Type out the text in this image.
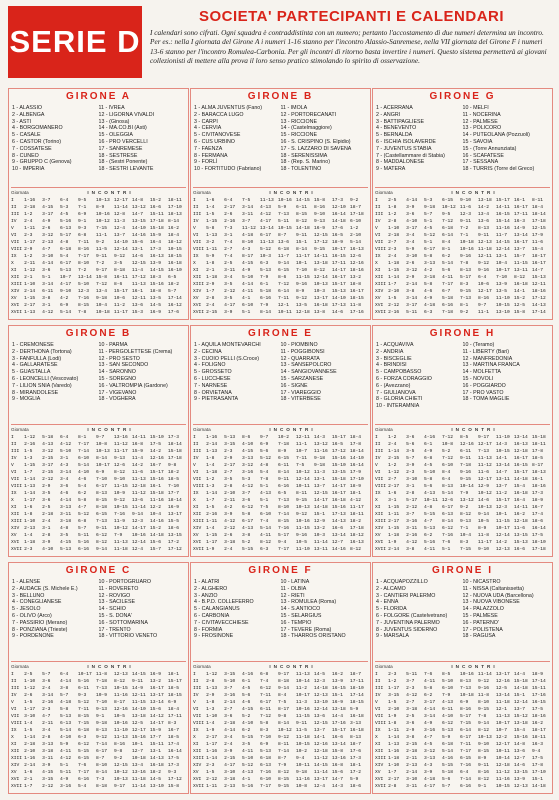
SERIE D
SOCIETA' PARTECIPANTI E CALENDARI
I calendari sono cifrati. Ogni squadra è contraddistinta con un numero; pertanto l'accostamento di due numeri determina un incontro. Per es.: nella I giornata del Girone A i numeri 1-16 stanno per l'incontro Alassio-Sanremese, nella VII giornata del Girone F i numeri 13-6 stanno per l'incontro Romulea-Carbonia. Per gli incontri di ritorno basta invertire i numeri. Questo sistema permetterà ai giovani collezionisti di mettere alla prova il loro senso pratico stimolando lo spirito di osservazione.
GIRONE A
1 - ALASSIO
2 - ALBENGA
3 - ASTI
4 - BORGOMANERO
5 - CASALE
6 - CASTOR (Torino)
7 - COSSATESE
8 - CUNEO
9 - GRUPPO C (Genova)
10 - IMPERIA
11 - IVREA
12 - LIGORNA VIVALDI
13 - (Ginosa)
14 - MA.CO.BI (Asti)
15 - OLEGGIA
16 - PRO VERCELLI
17 - SANREMESE
18 - SESTRESE
18 - (Sestri Ponente)
18 - SESTRI LEVANTE
Giornata	INCONTRI
I	1-16	3-7	6-4	9-5	10-13 12-17 14-8	15-2	18-11
II	2-18	4-15	5-3	7-1	8-9	11-14 13-12 16-6	17-10
III	1-2	3-17	4-5	6-9	10-16 12-8	14-7	15-11 18-13
IV	2-4	4-9	5-16	9-1	10-12 11-3	13-15 17-18 8-14
V	1-11	2-6	6-13	9-3	7-15	12-4	14-10 15-18 16-2
VI	2-3	3-12	5-17	6-8	11-1	13-7	14-16 15-9	18-4
VII	1-17	2-13	4-8	7-11	9-2	14-10 15-6	16-4	18-12
VIII 2-9	4-7	6-18	8-16	11-5	12-14 13-1	17-3	10-15
IX	1-2	3-10	5-4	7-17	9-11	9-12	14-6	16-13 18-15
X	2-11	4-14	6-17	8-10	7-2	3-5	12-15 13-9	16-18
XI	1-12	3-6	5-13	7-2	9-17	8-18	11-4	14-15 16-10
XII	2-1	5-1	10-7	13-14 15-8	16-11 17-12 18-3	6-5
XIII 1-10	3-14	4-17	5-10	7-12	8-6	11-13 15-16 18-2
XIV	2-14	6-11	9-10	12-3	13-4	15-17 16-1	18-8	5-7
XV	1-15	3-8	4-2	7-16	9-18	10-6	12-11 13-5	17-14
XVI	2-17	3-1	6-9	8-15	10-4	11-2	13-6	14-5	16-12
XVII 1-13	4-12	5-14	7-8	10-18 11-17 15-3	16-9	17-6
GIRONE B
1 - ALMA JUVENTUS (Fano)
2 - BARACCA LUGO
3 - CARPI
4 - CERVIA
5 - CIVITANOVESE
6 - CUS URBINO
7 - FAENZA
8 - FERMANA
9 - FORLÌ
10 - FORTITUDO (Fabriano)
11 - IMOLA
12 - PORTORECANATI
13 - RICCIONE
14 - (Castelmaggiore)
15 - RICCIONE
16 - S. CRISPINO (S. Elpidio)
17 - S. LAZZARO DI SAVENA
18 - SERENISSIMA
18 - (Rep. S. Marino)
18 - TOLENTINO
Giornata	INCONTRI
I	1-6	6-4	7-5	11-13 10-16 14-15 15-8	17-3	9-2
II	1-4	2-17	3-14	4-13	5-9	6-11	8-16	12-10 18-7
III	1-5	2-6	3-11	4-12	7-13	8-15	9-10	16-14 17-18
IV	1-15	2-16	3-7	4-17	5-11	8-12	9-13	14-18 6-10
V	5-8	7-3	11-12 13-14 10-15 14-18 16-9	17-6	1-2
VI	1-13	3-1	4-18	6-17	8-7	9-11	12-15 16-5	2-10
VII	3-2	7-4	8-10	11-13 13-6	15-1	17-12 18-9	5-14
VIII 1-11	2-7	4-3	5-12	6-18	8-14	9-15	10-17 16-13
IX	5-9	7-4	8-17	10-3	11-7	11-17 14-11 16-15 12-6
X	1-8	2-5	4-15	6-3	9-14	10-1	13-18 17-11 12-16
XI	2-1	3-11	4-9	5-13	6-15	7-10	8-12	14-17 18-16
XII	1-18	3-4	5-10	7-9	8-6	11-15 12-14 16-17 13-2
XIII 2-9	3-5	4-14	6-1	7-12	9-16	10-13 15-17 18-8
XIV	1-7	2-12	4-11	5-18	6-14	8-9	10-3	15-13 16-17
XV	2-8	3-5	4-1	6-16	7-11	9-12	13-17 14-10 18-15
XVI	2-4	4-17	6-10	7-9	12-1	13-5	16-18 17-13 11-8
XVII 2-15	3-9	5-1	8-14	10-11 12-18 13-8	14-6	17-16
GIRONE G
1 - ACERRANA
2 - ANGRI
3 - BATTIPAGLIESE
4 - BENEVENTO
5 - BERNALDA
6 - ISCHIA ISOLAVERDE
7 - JUVENTUS STABIA
7 - (Castellammare di Stabia)
8 - MADDALONESE
9 - MATERA
10 - MELFI
11 - NOCERINA
12 - PALMESE
13 - POLICORO
14 - PUTEOLANA (Pozzuoli)
15 - SAVOIA
15 - (Torre Annunziata)
16 - SCAFATESE
17 - SESSANA
18 - TURRIS (Torre del Greco)
Giornata	INCONTRI
I	2-5	4-14	5-3	6-15	9-10	13-18 15-17 16-1	8-11
II	1-8	3-9	9-18	10-12 11-6	14-2	14-11 16-17 18-4
III	1-2	3-6	5-7	9-5	12-3	13-4	16-15 17-11 18-14
IV	2-8	4-10	5-1	7-12	9-11	13-6	15-14 16-3	17-18
V	1-10	3-17	4-5	6-18	7-2	8-13	11-16 14-9	12-15
VI	2-18	3-4	5-12	6-14	7-1	9-11	11-7	13-14 17-9
VII	2-7	3-4	5-1	8-4	10-18 12-13 14-15 16-17 11-6
VIII 2-3	5-9	6-17	8-1	10-16 11-18 12-14 13-7	15-4
IX	2-4	3-10	5-8	6-2	9-16	12-11 13-1	15-7	18-17
X	1-18	2-6	3-13	5-14	7-8	9-12	10-4	11-15 16-17
XI	1-15	3-12	4-2	5-6	8-13	9-16	10-17 13-11 14-7
XII	1-14	2-9	3-18	4-11	5-17	6-4	7-10	8-12	15-13
XIII 1-7	2-14	5-8	7-17	8-3	10-6	13-9	16-18 12-11
XIV	2-10	3-8	4-6	6-7	9-15	12-17 13-5	14-1	18-16
XV	1-5	3-14	4-9	5-18	7-13	8-16	11-10 15-2	17-12
XVI	2-12	3-17	4-18	6-16	8-1	9-7	10-15 12-5	14-13
XVII 2-16	5-11	6-3	7-18	9-2	11-1	13-10 15-8	17-14
GIRONE B
1 - CREMONESE
2 - DERTHONA (Tortona)
3 - FANFULLA (Lodi)
4 - GALLARATESE
5 - GUASTALLA
6 - LEONCELLI (Vescovato)
7 - LILION SNIA (Varedo)
8 - MIRANDOLESE
9 - MOGLIA
10 - PARMA
11 - PERGOLETTESE (Crema)
12 - PRO SESTO
13 - SAN SECONDO
14 - SARONNO
15 - SOREGNO
16 - VALTROMPIA (Gardone)
17 - VIGEVANO
18 - VOGHERA
Giornata	INCONTRI
I	1-12	5-18	6-4	8-1	9-7	13-16 14-11 15-10 17-3
II	2-16	4-13	4-12	7-17	10-8	11-12 16-8	17-5	18-14
III	1-5	3-12	5-10	7-14	10-13 11-17 15-9	14-2	15-18
IV	1-3	2-15	3-1	6-10	8-14	9-13	11-4	12-16 17-18
V	1-15	3-17	4-3	5-14	10-17 12-6	14-2	16-7	9-8
VI	1-7	2-15	3-14	4-10	6-9	8-12	11-6	15-17 18-2
VII	1-14	2-12	3-4	4-6	7-10	9-10	11-13 15-16 18-5
VIII 1-13	2-9	3-6	5-4	6-17	11-15 12-18 16-1	7-10
IX	1-14	3-5	4-6	6-2	8-13	10-9	11-12 15-18 17-7
X	1-17	3-6	4-14	5-8	8-15	9-12	13-6	11-16 18-14
XI	1-6	2-5	3-13	4-7	8-18	10-15 11-14 12-2	16-9
XII	1-8	2-18	3-11	5-12	6-15	7-16	9-14	10-4	13-17
XIII 1-10	2-4	3-18	6-8	7-13	11-9	12-3	14-16 15-5
XIV	2-13	3-1	4-8	5-7	9-11	10-12 14-17 15-2	18-6
XV	1-4	2-8	3-5	5-11	6-12	7-9	10-16 14-18 13-15
XVI	1-18	3-9	4-15	5-16	8-12	11-13 12-14 15-6	17-2
XVII 2-3	4-10	5-13	6-16	9-14	11-18 12-4	15-7	17-12
GIRONE E
1 - AQUILA MONTEVARCHI
2 - CECINA
3 - CUOIO PELLI (S.Croce)
4 - FOLIGNO
5 - GROSSETO
6 - LUCCHESE
7 - NARNESE
8 - ORVIETANA
9 - PIETRASANTA
10 - PIOMBINO
11 - POGGIBONSI
12 - QUARRATA
13 - SANSEPOLCRO
14 - SANGIOVANNESE
15 - SARZANESE
16 - SIGNE
17 - VIAREGGIO
18 - VITERBESE
Giornata	INCONTRI
I	1-16	5-13	8-6	9-7	10-2	12-11 14-3	15-17 18-4
II	2-14	3-15	4-10	6-9	7-18	11-1	13-12 16-5	17-8
III	1-13	2-3	4-15	5-6	8-9	10-7	11-16 17-12 18-14
IV	1-8	2-9	3-13	5-12	6-15	7-11	9-18	15-16 14-10
V	1-4	2-17	3-12	4-8	6-11	7-5	9-18	15-10 16-14
VI	1-18	2-7	3-16	5-4	8-14	10-12 11-3	13-15 17-9
VII	1-2	3-5	5-3	7-8	9-11	12-14 13-1	15-18 17-10
VIII 1-3	2-8	4-12	5-1	6-16	10-11 13-7	14-17 18-9
IX	1-14	2-10	3-7	4-13	6-5	8-11	12-15 16-17 18-1
X	1-7	2-11	3-6	5-1	7-13	9-15	14-17 16-18 4-12
XI	1-5	4-2	6-12	7-5	8-10	10-13 14-18 15-16 11-17
XII	2-16	3-9	5-8	6-10	7-14	9-12	15-1	17-13 18-11
XIII 1-11	4-12	6-17	7-4	8-15	10-16 12-9	14-13 18-2
XIV	1-4	2-12	4-13	5-14	7-16	11-15 13-2	16-6	17-18
XV	1-15	2-6	3-8	4-11	5-17	9-16	10-3	13-14 18-12
XVI	1-17	3-18	5-2	8-12	9-4	10-5	11-14 12-7	16-13
XVII 1-9	2-4	5-15	6-3	7-17	11-10 13-11 14-16 8-12
GIRONE H
1 - ACQUAVIVA
2 - ANDRIA
3 - BISCEGLIE
4 - BRINDISI
5 - CAMPOBASSO
6 - FORZA CORAGGIO
6 - (Avezzano)
7 - GIULIANOVA
8 - GLORIA CHIETI
10 - INTERAMNIA
10 - (Teramo)
11 - LIBERTY (Bari)
12 - MANFREDONIA
13 - MARTINA FRANCA
14 - MOLFETTA
15 - NOVOLI
16 - POGGIARDO
17 - PRO VASTO
18 - TOMA MAGLIE
Giornata	INCONTRI
I	1-2	3-6	4-16	7-12	8-5	9-17	11-10 13-14 15-18
II	2-4	5-6	6-1	10-8	12-16 12-17 14-3	16-13 18-11
III	1-14	3-5	4-9	5-2	6-11	7-13	10-15 12-18 17-8
IV	2-15	5-7	6-8	7-12	9-11	11-13 14-1	16-17 18-5
V	1-2	3-9	4-5	6-10	7-18	11-12 13-14 16-15 8-17
VI	1-12	2-3	5-10	8-4	9-16	11-6	14-7	15-17 18-13
VII	2-7	3-10	5-8	6-4	9-15	12-17 13-11 14-18 16-1
VIII 2-17	3-1	5-6	8-13	10-14 12-9	13-7	15-4	18-16
IX	1-6	2-8	4-13	5-14	7-9	10-12 11-2	16-18 17-3
X	3-1	5-17	10-11 12-6	13-12 14-6	15-17 16-4	18-9
XI	1-15	2-12	4-8	6-17	9-2	10-13 12-3	14-11 16-7
XII	1-11	3-7	5-15	6-13	8-12	9-14	10-1	16-2	17-4
XIII 2-17	3-16	4-7	8-14	9-13	10-5	11-15 12-18 18-6
XIV	1-15	3-11	5-13	6-12	7-1	8-9	10-17 11-6	16-14
XV	1-18	2-16	6-2	7-16	10-4	11-8	12-14 13-15 17-5
XVI	1-9	4-12	5-16	7-6	8-3	11-17 14-2	15-13 18-10
XVII 2-14	3-8	4-11	5-1	7-15	9-10	12-13 16-6	17-18
GIRONE C
1 - ALENSE
2 - AUDACE (S. Michele E.)
3 - BELLUNO
4 - CONEGLIANESE
5 - JESOLO
6 - OLIVO (Arco)
7 - PASSIRIO (Merano)
8 - PONZIANA (Trieste)
9 - PORDENONE
10 - PORTOGRUARO
11 - ROVERETO
12 - ROVIGO
13 - SACILESE
14 - SCHIO
15 - S. DONA'
16 - SOTTOMARINA
17 - TRENTO
18 - VITTORIO VENETO
Giornata	INCONTRI
I	2-5	5-7	6-4	10-17 11-8	12-13 14-15 16-9	18-1
II	1-10	3-6	4-14	5-16	7-18	8-12	9-11	13-2	15-17
III	1-12	2-4	3-8	6-11	7-13	10-15 14-9	16-17 18-5
IV	2-6	3-14	5-7	9-3	10-9	11-16 12-11 13-17 18-15
V	1-5	2-16	4-18	5-12	7-10	8-17	11-15 13-14 6-9
VI	1-17	2-3	5-8	7-11	9-13	12-16 14-10 15-6	18-4
VII	3-10	4-7	5-13	8-15	9-1	10-5	13-18 14-12 17-11
VIII 1-4	2-11	6-13	7-15	9-18	10-16 12-5	14-17 8-3
IX	1-5	3-4	5-14	6-18	8-13	11-10 12-17 15-9	16-7
X	1-14	2-8	4-10	6-3	9-12	11-13 15-16 17-7	18-5
XI	2-18	3-13	5-9	6-12	7-14	8-16	10-1	15-11 17-4
XII	2-10	3-18	4-11	5-15	6-17	9-8	12-7	13-1	16-14
XIII 1-16	3-11	4-12	6-15	8-7	9-2	10-18 14-13 17-5
XIV	2-14	3-9	5-1	7-6	8-10	12-15 13-4	16-18 17-3
XV	1-6	4-15	5-11	7-17	8-14	10-12 13-16 18-2	9-3
XVI	2-1	3-15	4-9	6-16	7-3	10-13 11-18 14-5	17-12
XVII 1-7	2-12	3-16	5-4	8-18	9-17	11-14 13-10 15-8
GIRONE F
1 - ALATRI
2 - ALGHERO
3 - ANZIO
4 - B.P.D. COLLEFERRO
5 - CALANGIANUS
6 - CARBONIA
7 - CIVITAVECCHIESE
8 - FORMIA
9 - FROSINONE
10 - LATINA
11 - OLBIA
12 - RIETI
13 - ROMULEA (Roma)
14 - S.ANTIOCO
15 - SELARGIUS
16 - TEMPIO
17 - TEVERE (Roma)
18 - THARROS ORISTANO
Giornata	INCONTRI
I	1-12	3-15	4-16	6-8	9-17	11-13 14-5	16-2	18-7
II	2-8	5-10	6-1	7-4	8-18	10-14 12-3	13-9	17-11
III	1-13	3-7	4-5	6-12	9-14	11-2	14-18 16-15 18-10
IV	2-9	3-16	5-6	7-11	8-4	10-17 12-13 15-1	17-14
V	1-8	2-14	4-6	6-17	7-5	11-3	13-10 16-9	18-15
VI	1-3	2-7	4-15	6-11	8-17	10-16 12-14 13-18 5-9
VII	1-10	3-6	5-2	7-12	9-8	11-15 13-6	14-4	16-18
VIII 1-4	2-18	4-10	5-8	8-14	9-11	12-15 17-16 3-13
IX	1-9	4-14	6-2	8-3	10-12 11-5	13-7	15-17 16-18
X	2-17	3-4	5-15	7-10	9-12	11-18 14-1	16-6	8-13
XI	1-17	2-4	3-5	6-9	8-11	10-15 12-16 13-14 18-7
XII	1-16	3-9	4-11	5-13	7-14	10-2	12-18 15-8	17-6
XIII 1-14	2-15	5-10	6-18	8-7	9-4	11-12 13-16 17-3
XIV	2-3	4-17	5-12	6-13	7-9	10-11 14-15 16-8	18-1
XV	1-5	3-10	4-13	7-16	8-12	9-18	11-14 15-6	17-2
XVI	2-12	3-18	4-1	6-10	8-15	11-16 13-17 14-7	5-9
XVII 1-11	2-13	5-16	7-17	9-15	10-8	12-4	14-3	18-6
GIRONE I
1 - ACQUAPOZZILLO
2 - ALCAMO
3 - CANTIERI PALERMO
4 - ENNA
5 - FLORIDA
6 - FOLGORE (Castelvetrano)
7 - JUVENTINA PALERMO
8 - JUVENTUS SIDERNO
9 - MARSALA
10 - NICASTRO
11 - NISSA (Caltanissetta)
12 - NUOVA UDA (Barcellona)
13 - NUOVA VIBONESE
14 - PALAZZOLO
15 - PALMESE
16 - PATERNO'
17 - POLISTENA
18 - RAGUSA
Giornata	INCONTRI
I	2-3	5-11	7-6	8-5	10-16 11-14 13-17 14-4	18-9
II	1-2	3-7	4-11	5-10	8-13	9-12	12-16 15-18 17-14
III	1-17	2-3	5-8	6-10	7-13	9-16	12-5	14-18 15-11
IV	3-15	4-12	6-2	7-9	10-18 11-8	13-14 15-1	17-16
V	1-5	2-7	3-17	4-13	6-9	8-10	11-18 12-14 16-15
VI	2-10	3-18	4-14	6-11	8-16	9-15	12-1	13-7	17-5
VII	1-9	2-5	3-14	4-10	5-17	7-8	11-13 15-12 18-16
VIII 1-8	3-6	4-9	6-12	7-15	9-14	10-17 13-18 16-2
IX	1-11	2-9	3-16	5-13	6-14	8-12	10-7	15-4	18-17
X	1-14	3-8	4-7	5-9	6-17	10-13 12-2	15-16 18-11
XI	1-13	2-15	4-5	6-18	7-11	9-10	12-17 14-8	16-3
XII	1-16	2-18	3-12	5-14	7-17	8-15	10-11 13-6	9-4
XIII 1-18	2-11	3-13	4-16	6-15	8-9	10-14 12-7	17-5
XIV	1-10	2-13	4-3	5-15	7-16	9-11	12-18 14-6	17-8
XV	1-7	2-14	3-9	5-18	6-4	8-16	11-12 13-15 17-10
XVI	2-17	3-10	4-18	5-6	7-14	8-12	11-16 13-9	15-1
XVII 2-8	3-11	4-17	5-7	6-16	9-1	10-15 12-13 14-18
